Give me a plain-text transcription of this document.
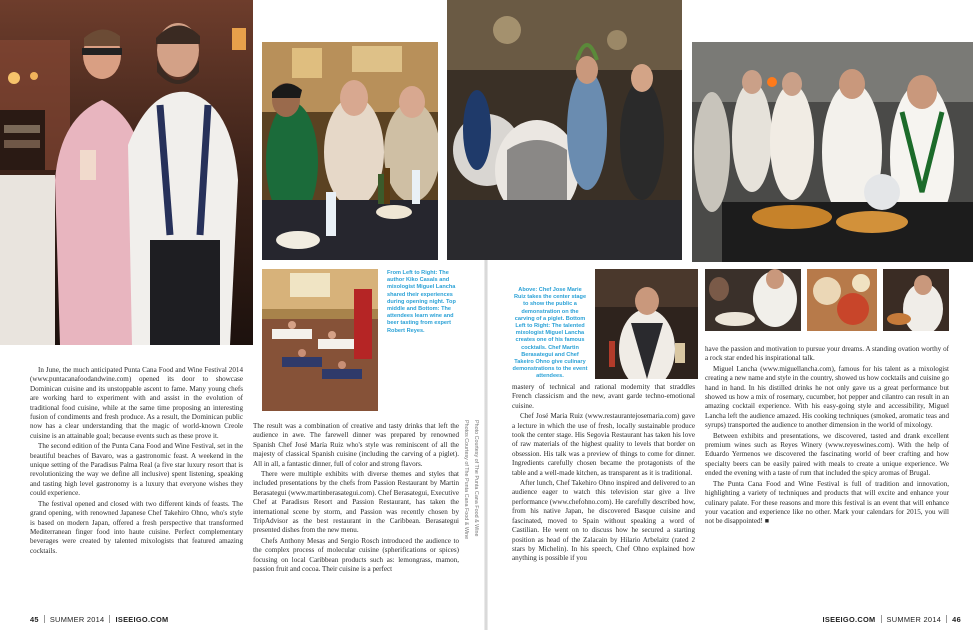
From Left to Right: The author Kiko Casals and mixologist Miguel Lancha shared their experiences during opening night. Top middle and Bottom: The attendees learn wine and beer tasting from expert Robert Reyes.
Photos Courtesy of The Punta Cana Food & Wine Photo Courtesy of The Punta Cana Food & Wine

In June, the much anticipated Punta Cana Food and Wine Festival 2014 (www.puntacanafoodandwine.com) opened its door to showcase Dominican cuisine and its unstoppable ascent to fame. Many young chefs are working hard to experiment with and assist in the evolution of traditional food cuisine, while at the same time proposing an interesting fusion of condiments and fresh produce. As a result, the Dominican public now has a clear understanding that the magic of world-known Creole cuisine is an attainable goal; because events such as these prove it.

The second edition of the Punta Cana Food and Wine Festival, set in the beautiful beaches of Bavaro, was a gastronomic feast. A weekend in the unique setting of the Paradisus Palma Real (a five star luxury resort that is revolutionizing the way we define all inclusive) spent listening, speaking and tasting high level gastronomy is a luxury that everyone wishes they could experience.

The festival opened and closed with two different kinds of feasts. The grand opening, with renowned Japanese Chef Takehiro Ohno, who's style is based on modern Japan, offered a fresh perspective that transformed Mediterranean finger food into haute cuisine. Perfect complementary beverages were created by talented mixologists that featured amazing cocktails.

The result was a combination of creative and tasty drinks that left the audience in awe. The farewell dinner was prepared by renowned Spanish Chef José María Ruiz who's style was reminiscent of all the majesty of classical Spanish cuisine (including the carving of a piglet). All in all, a fantastic dinner, full of color and strong flavors.

There were multiple exhibits with diverse themes and styles that included presentations by the chefs from Passion Restaurant by Martin Berasategui (www.martinberasategui.com). Chef Berasategui, Executive Chef at Paradisus Resort and Passion Restaurant, has taken the international scene by storm, and Passion was recently chosen by TripAdvisor as the best restaurant in the Caribbean. Berasategui presented dishes from the new menu.

Chefs Anthony Mesas and Sergio Rosch introduced the audience to the complex process of molecular cuisine (spherifications or spices) focusing on local Caribbean products such as: lemongrass, mamon, passion fruit and cocoa. Their cuisine is a perfect

45 SUMMER 2014 ISEEIGO.COM
Above: Chef Jose Marie Ruiz takes the center stage to show the public a demonstration on the carving of a piglet. Bottom Left to Right: The talented mixologist Miguel Lancha creates one of his famous cocktails. Chef Martin Berasategui and Chef Takeiro Ohno give culinary demonstrations to the event attendees.

mastery of technical and rational modernity that straddles French classicism and the new, avant garde techno-emotional cuisine.

Chef José María Ruiz (www.restaurantejosemaria.com) gave a lecture in which the use of fresh, locally sustainable produce took the center stage. His Segovia Restaurant has taken his love of raw materials of the highest quality to levels that border on obsession. His talk was a preview of things to come for dinner. Ingredients carefully chosen became the protagonists of the table and a well-made kitchen, as transparent as it is traditional.

After lunch, Chef Takehiro Ohno inspired and delivered to an audience eager to watch this television star give a live performance (www.chefohno.com). He carefully described how, from his native Japan, he discovered Basque cuisine and fascinated, moved to Spain without speaking a word of Castilian. He went on to discuss how he secured a starting position as head of the Zalacain by Hilario Arbelaitz (rated 2 stars by Michelin). In his speech, Chef Ohno explained how anything is possible if you

have the passion and motivation to pursue your dreams. A standing ovation worthy of a rock star ended his inspirational talk.

Miguel Lancha (www.miguellancha.com), famous for his talent as a mixologist creating a new name and style in the country, showed us how cocktails and cuisine go hand in hand. In his distilled drinks he not only gave us a great performance but showed us how a mix of rosemary, cucumber, hot pepper and cilantro can result in an amazing cocktail experience. With his easy-going style and accessibility, Miguel Lancha left the audience amazed. His cooking techniques (smoked, aromatic teas and syrups) transported the audience to another dimension in the world of mixology.

Between exhibits and presentations, we discovered, tasted and drank excellent premium wines such as Reyes Winery (www.reyeswines.com). With the help of Eduardo Yermenos we discovered the fascinating world of beer crafting and how specialty beers can be easily paired with meals to create a unique experience. We ended the evening with a taste of rum that included the spicy aromas of Brugal.

The Punta Cana Food and Wine Festival is full of tradition and innovation, highlighting a variety of techniques and products that will excite and enhance your culinary palate. For these reasons and more this festival is an event that will enhance your vacation and experience like no other. Mark your calendars for 2015, you will not be disappointed! ■

ISEEIGO.COM SUMMER 2014 46
